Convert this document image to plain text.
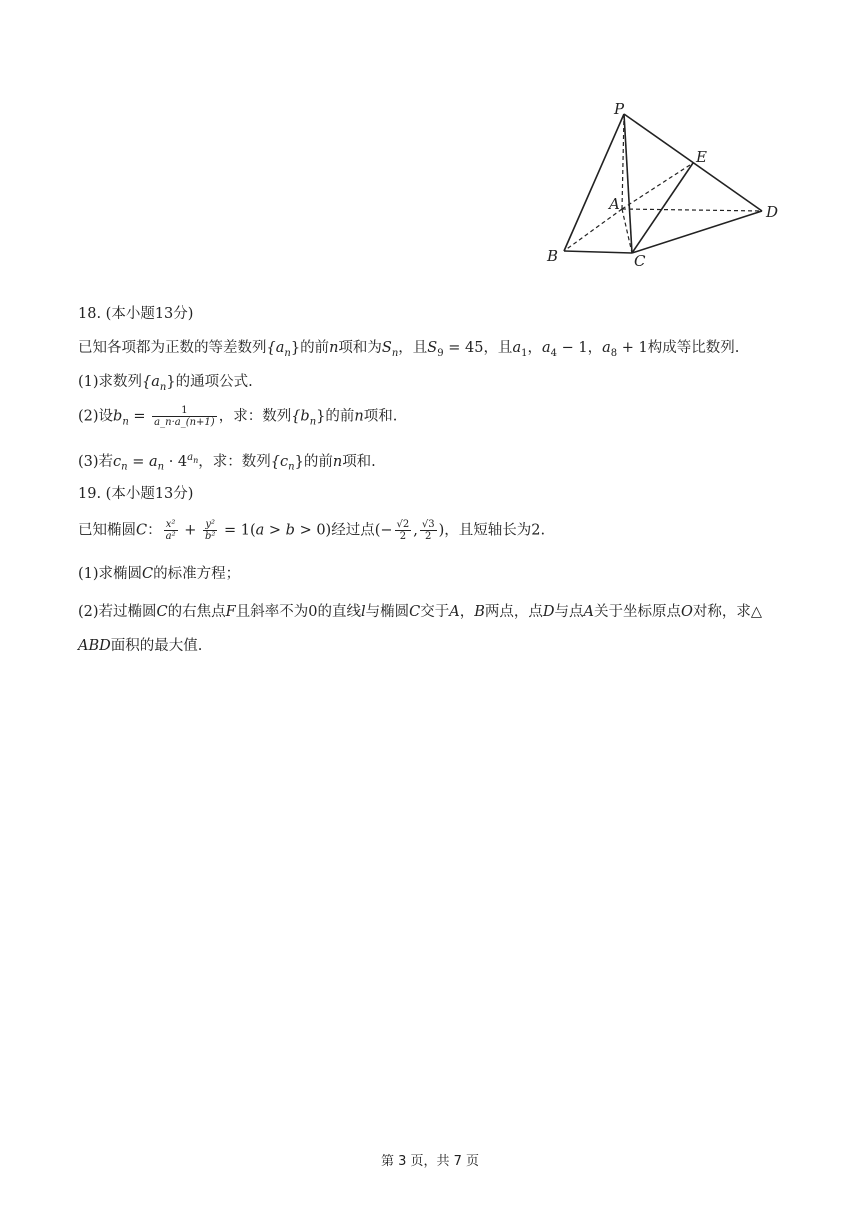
P
E
A	D
B	C
18. (本小题13分)
已知各项都为正数的等差数列$\{a_n\}$的前n项和为$S_n$，且$S_9 = 45$，且$a_1$，$a_4 - 1$，$a_8 + 1$构成等比数列.
(1)求数列$\{a_n\}$的通项公式.
(2)设$b_n = \frac{1}{a\_n\cdot a\_(n+1)}$ ，求：数列$\{b_n\}$的前n项和.
(3)若$c_n = a_n \cdot 4^{a_n}$，求：数列$\{c_n\}$的前n项和.
19. (本小题13分)
已知椭圆C： $\frac{\text{x²}}{\text{a²}} + \frac{\text{y²}}{\text{b²}} = 1(a > b > 0)$经过点(− $\frac{√2}{2}$ , $\frac{√3}{2}$ )，且短轴长为2.
(1)求椭圆C的标准方程；
(2)若过椭圆C的右焦点F且斜率不为0的直线l与椭圆C交于A，B两点，点D与点A关于坐标原点O对称，求△
ABD面积的最大值.
第 3 页，共 7 页
